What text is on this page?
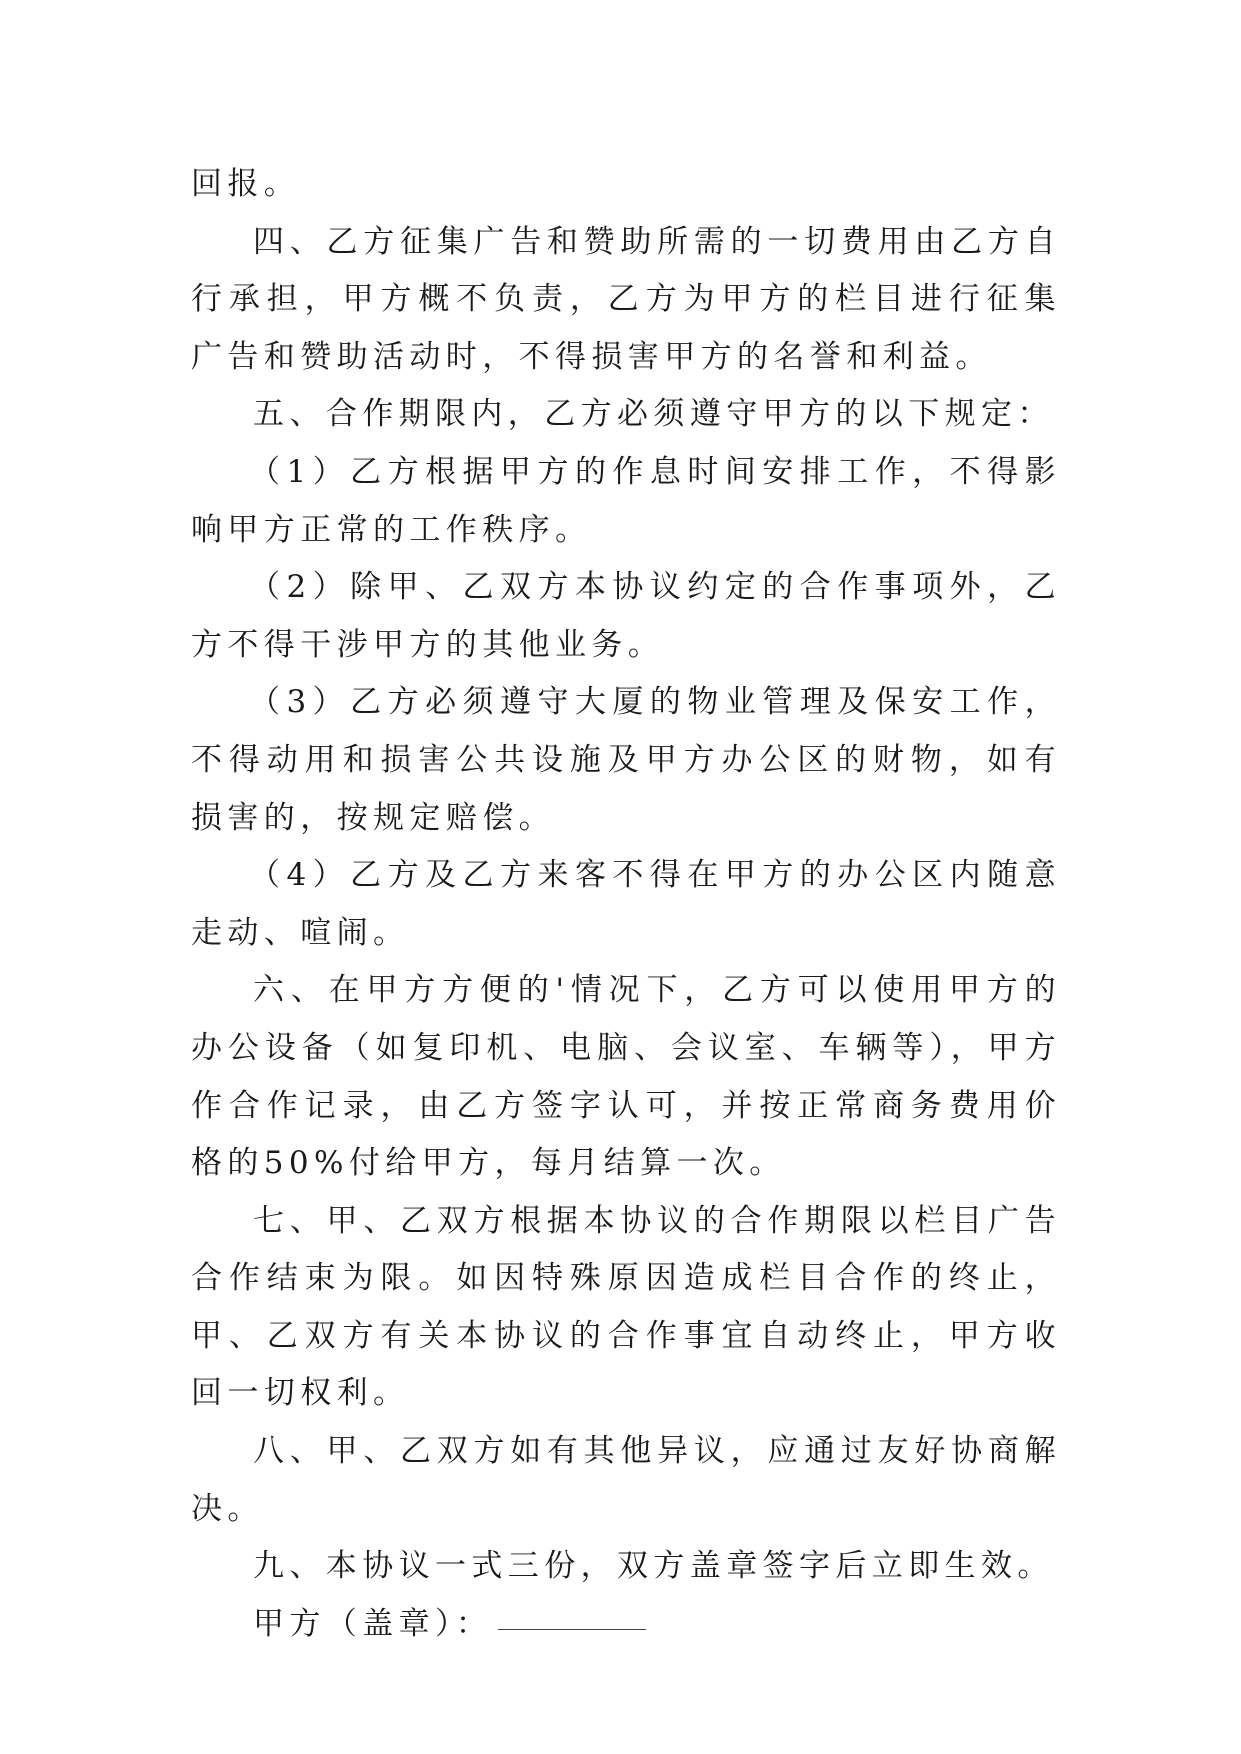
回报。

四、乙方征集广告和赞助所需的一切费用由乙方自行承担，甲方概不负责，乙方为甲方的栏目进行征集广告和赞助活动时，不得损害甲方的名誉和利益。

五、合作期限内，乙方必须遵守甲方的以下规定：

（1）乙方根据甲方的作息时间安排工作，不得影响甲方正常的工作秩序。

（2）除甲、乙双方本协议约定的合作事项外，乙方不得干涉甲方的其他业务。

（3）乙方必须遵守大厦的物业管理及保安工作，不得动用和损害公共设施及甲方办公区的财物，如有损害的，按规定赔偿。

（4）乙方及乙方来客不得在甲方的办公区内随意走动、喧闹。

六、在甲方方便的'情况下，乙方可以使用甲方的办公设备（如复印机、电脑、会议室、车辆等），甲方作合作记录，由乙方签字认可，并按正常商务费用价格的50%付给甲方，每月结算一次。

七、甲、乙双方根据本协议的合作期限以栏目广告合作结束为限。如因特殊原因造成栏目合作的终止，甲、乙双方有关本协议的合作事宜自动终止，甲方收回一切权利。

八、甲、乙双方如有其他异议，应通过友好协商解决。

九、本协议一式三份，双方盖章签字后立即生效。

甲方（盖章）：
